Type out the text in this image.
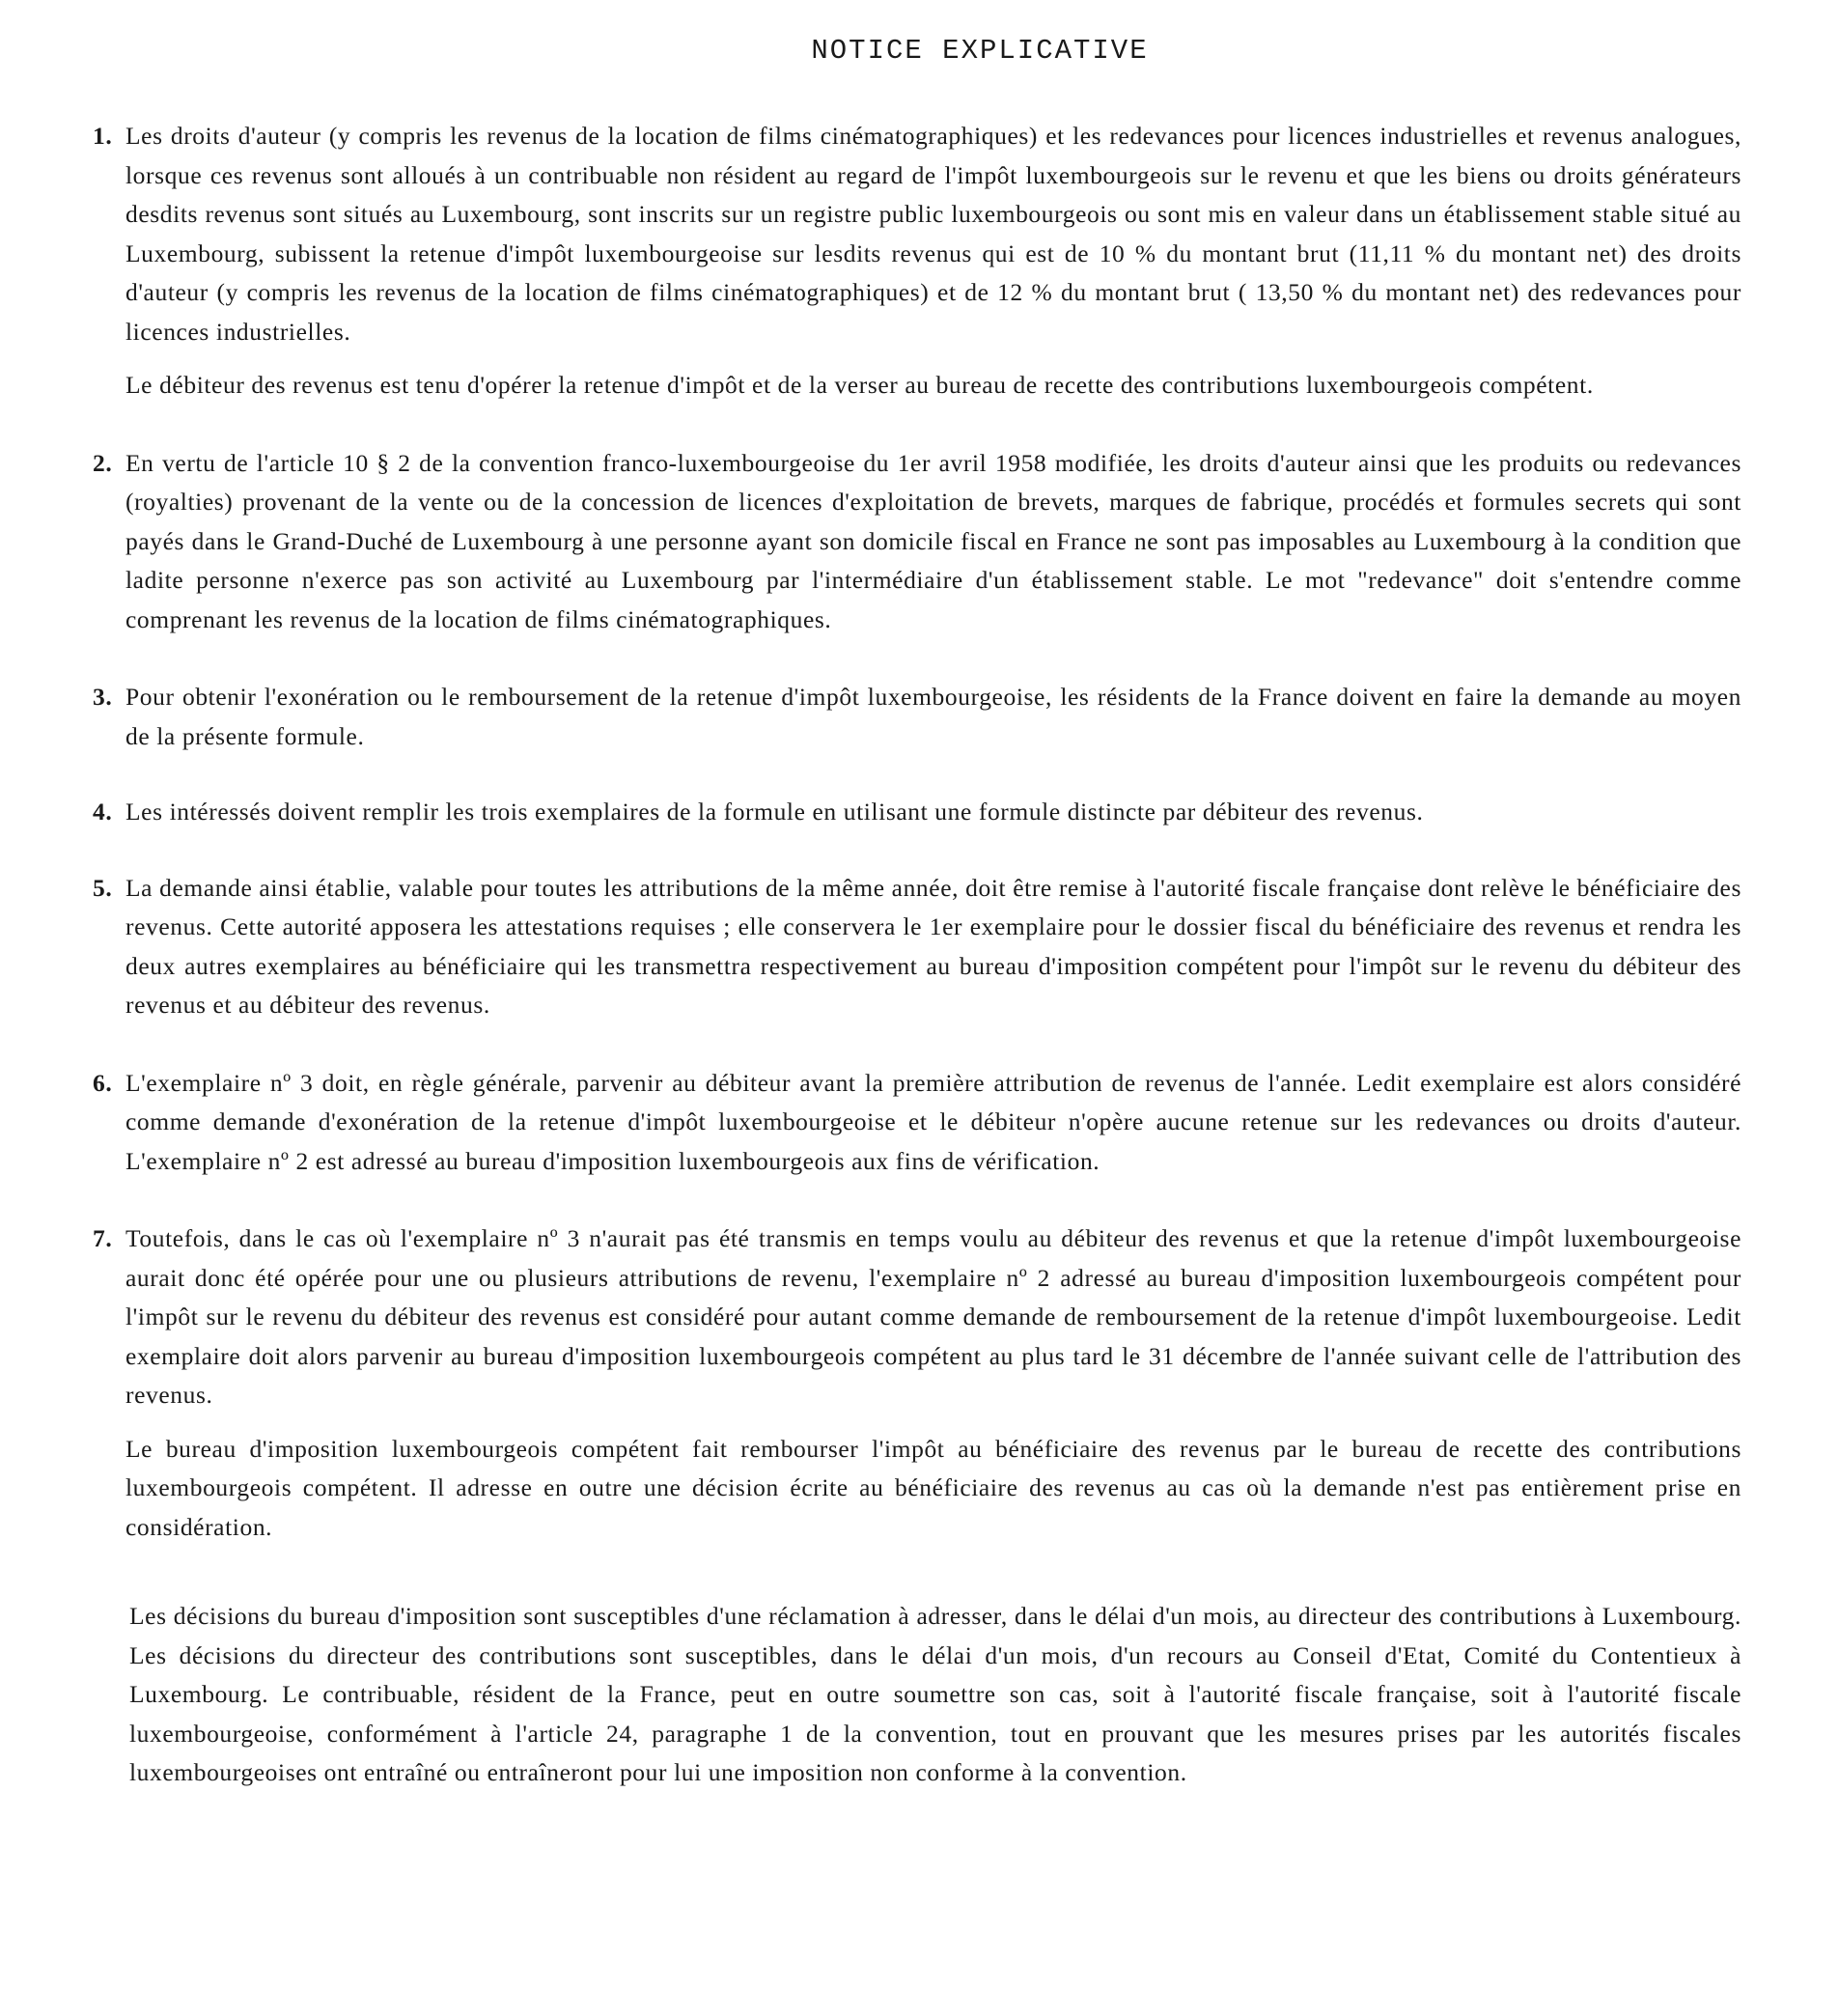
NOTICE EXPLICATIVE
1. Les droits d'auteur (y compris les revenus de la location de films cinématographiques) et les redevances pour licences industrielles et revenus analogues, lorsque ces revenus sont alloués à un contribuable non résident au regard de l'impôt luxembourgeois sur le revenu et que les biens ou droits générateurs desdits revenus sont situés au Luxembourg, sont inscrits sur un registre public luxembourgeois ou sont mis en valeur dans un établissement stable situé au Luxembourg, subissent la retenue d'impôt luxembourgeoise sur lesdits revenus qui est de 10 % du montant brut (11,11 % du montant net) des droits d'auteur (y compris les revenus de la location de films cinématographiques) et de 12 % du montant brut ( 13,50 % du montant net) des redevances pour licences industrielles.

Le débiteur des revenus est tenu d'opérer la retenue d'impôt et de la verser au bureau de recette des contributions luxembourgeois compétent.

2. En vertu de l'article 10 § 2 de la convention franco-luxembourgeoise du 1er avril 1958 modifiée, les droits d'auteur ainsi que les produits ou redevances (royalties) provenant de la vente ou de la concession de licences d'exploitation de brevets, marques de fabrique, procédés et formules secrets qui sont payés dans le Grand-Duché de Luxembourg à une personne ayant son domicile fiscal en France ne sont pas imposables au Luxembourg à la condition que ladite personne n'exerce pas son activité au Luxembourg par l'intermédiaire d'un établissement stable. Le mot "redevance" doit s'entendre comme comprenant les revenus de la location de films cinématographiques.

3. Pour obtenir l'exonération ou le remboursement de la retenue d'impôt luxembourgeoise, les résidents de la France doivent en faire la demande au moyen de la présente formule.

4. Les intéressés doivent remplir les trois exemplaires de la formule en utilisant une formule distincte par débiteur des revenus.

5. La demande ainsi établie, valable pour toutes les attributions de la même année, doit être remise à l'autorité fiscale française dont relève le bénéficiaire des revenus. Cette autorité apposera les attestations requises ; elle conservera le 1er exemplaire pour le dossier fiscal du bénéficiaire des revenus et rendra les deux autres exemplaires au bénéficiaire qui les transmettra respectivement au bureau d'imposition compétent pour l'impôt sur le revenu du débiteur des revenus et au débiteur des revenus.

6. L'exemplaire nº 3 doit, en règle générale, parvenir au débiteur avant la première attribution de revenus de l'année. Ledit exemplaire est alors considéré comme demande d'exonération de la retenue d'impôt luxembourgeoise et le débiteur n'opère aucune retenue sur les redevances ou droits d'auteur. L'exemplaire nº 2 est adressé au bureau d'imposition luxembourgeois aux fins de vérification.

7. Toutefois, dans le cas où l'exemplaire nº 3 n'aurait pas été transmis en temps voulu au débiteur des revenus et que la retenue d'impôt luxembourgeoise aurait donc été opérée pour une ou plusieurs attributions de revenu, l'exemplaire nº 2 adressé au bureau d'imposition luxembourgeois compétent pour l'impôt sur le revenu du débiteur des revenus est considéré pour autant comme demande de remboursement de la retenue d'impôt luxembourgeoise. Ledit exemplaire doit alors parvenir au bureau d'imposition luxembourgeois compétent au plus tard le 31 décembre de l'année suivant celle de l'attribution des revenus.

Le bureau d'imposition luxembourgeois compétent fait rembourser l'impôt au bénéficiaire des revenus par le bureau de recette des contributions luxembourgeois compétent. Il adresse en outre une décision écrite au bénéficiaire des revenus au cas où la demande n'est pas entièrement prise en considération.

Les décisions du bureau d'imposition sont susceptibles d'une réclamation à adresser, dans le délai d'un mois, au directeur des contributions à Luxembourg. Les décisions du directeur des contributions sont susceptibles, dans le délai d'un mois, d'un recours au Conseil d'Etat, Comité du Contentieux à Luxembourg. Le contribuable, résident de la France, peut en outre soumettre son cas, soit à l'autorité fiscale française, soit à l'autorité fiscale luxembourgeoise, conformément à l'article 24, paragraphe 1 de la convention, tout en prouvant que les mesures prises par les autorités fiscales luxembourgeoises ont entraîné ou entraîneront pour lui une imposition non conforme à la convention.
